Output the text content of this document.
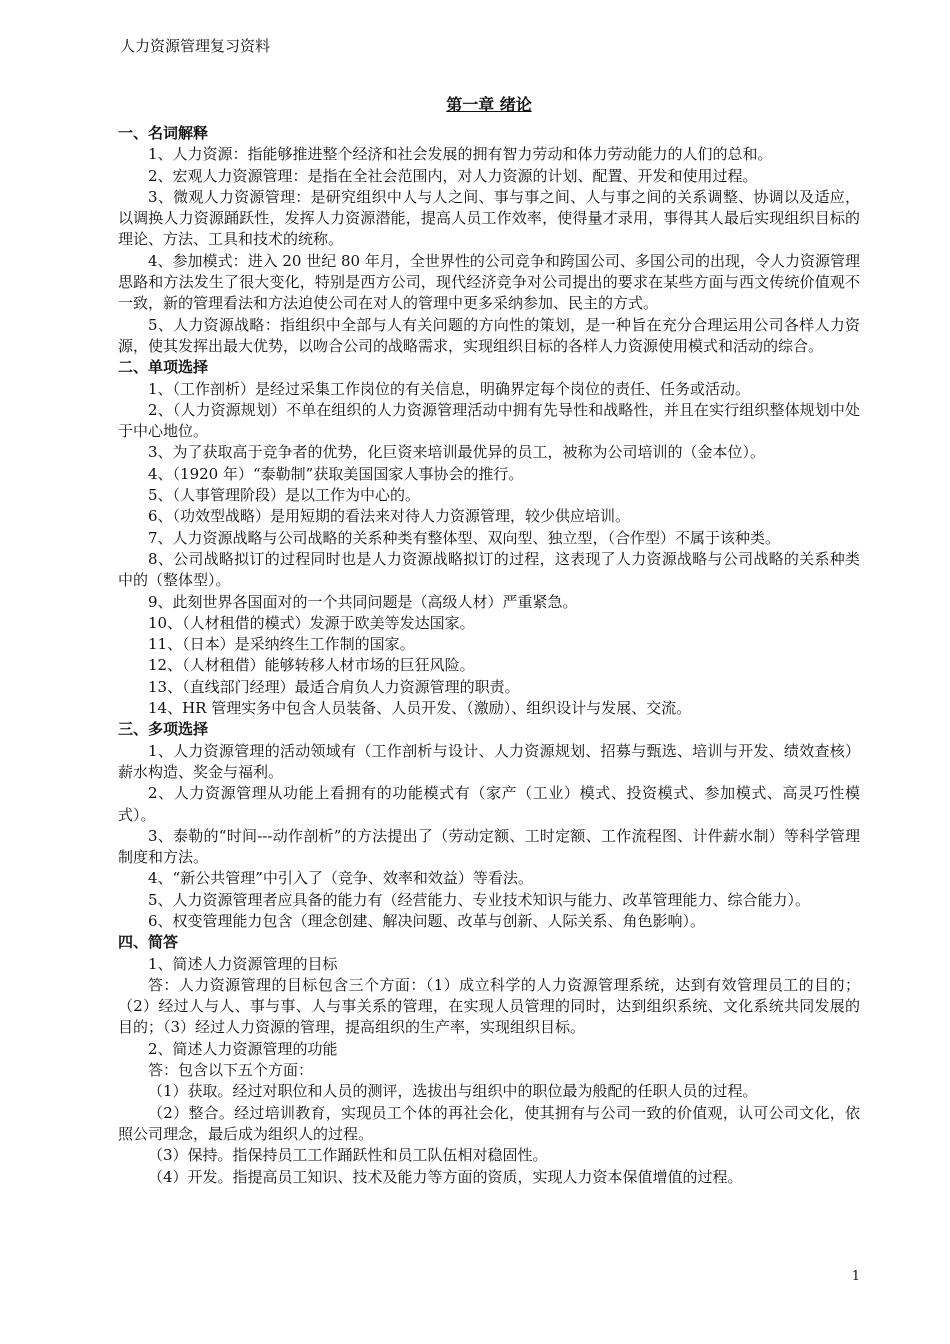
人力资源管理复习资料
第一章 绪论
一、名词解释
1、人力资源：指能够推进整个经济和社会发展的拥有智力劳动和体力劳动能力的人们的总和。
2、宏观人力资源管理：是指在全社会范围内，对人力资源的计划、配置、开发和使用过程。
3、微观人力资源管理：是研究组织中人与人之间、事与事之间、人与事之间的关系调整、协调以及适应，以调换人力资源踊跃性，发挥人力资源潜能，提高人员工作效率，使得量才录用，事得其人最后实现组织目标的理论、方法、工具和技术的统称。
4、参加模式：进入 20 世纪 80 年月，全世界性的公司竞争和跨国公司、多国公司的出现，令人力资源管理思路和方法发生了很大变化，特别是西方公司，现代经济竞争对公司提出的要求在某些方面与西文传统价值观不一致，新的管理看法和方法迫使公司在对人的管理中更多采纳参加、民主的方式。
5、人力资源战略：指组织中全部与人有关问题的方向性的策划，是一种旨在充分合理运用公司各样人力资源，使其发挥出最大优势，以吻合公司的战略需求，实现组织目标的各样人力资源使用模式和活动的综合。
二、单项选择
1、（工作剖析）是经过采集工作岗位的有关信息，明确界定每个岗位的责任、任务或活动。
2、（人力资源规划）不单在组织的人力资源管理活动中拥有先导性和战略性，并且在实行组织整体规划中处于中心地位。
3、为了获取高于竞争者的优势，化巨资来培训最优异的员工，被称为公司培训的（金本位）。
4、（1920 年）“泰勒制”获取美国国家人事协会的推行。
5、（人事管理阶段）是以工作为中心的。
6、（功效型战略）是用短期的看法来对待人力资源管理，较少供应培训。
7、人力资源战略与公司战略的关系种类有整体型、双向型、独立型，（合作型）不属于该种类。
8、公司战略拟订的过程同时也是人力资源战略拟订的过程，这表现了人力资源战略与公司战略的关系种类中的（整体型）。
9、此刻世界各国面对的一个共同问题是（高级人材）严重紧急。
10、（人材租借的模式）发源于欧美等发达国家。
11、（日本）是采纳终生工作制的国家。
12、（人材租借）能够转移人材市场的巨狂风险。
13、（直线部门经理）最适合肩负人力资源管理的职责。
14、HR 管理实务中包含人员装备、人员开发、（激励）、组织设计与发展、交流。
三、多项选择
1、人力资源管理的活动领域有（工作剖析与设计、人力资源规划、招募与甄选、培训与开发、绩效查核）薪水构造、奖金与福利。
2、人力资源管理从功能上看拥有的功能模式有（家产（工业）模式、投资模式、参加模式、高灵巧性模式）。
3、泰勒的“时间---动作剖析”的方法提出了（劳动定额、工时定额、工作流程图、计件薪水制）等科学管理制度和方法。
4、“新公共管理”中引入了（竞争、效率和效益）等看法。
5、人力资源管理者应具备的能力有（经营能力、专业技术知识与能力、改革管理能力、综合能力）。
6、权变管理能力包含（理念创建、解决问题、改革与创新、人际关系、角色影响）。
四、简答
1、简述人力资源管理的目标
答：人力资源管理的目标包含三个方面：（1）成立科学的人力资源管理系统，达到有效管理员工的目的；（2）经过人与人、事与事、人与事关系的管理，在实现人员管理的同时，达到组织系统、文化系统共同发展的目的；（3）经过人力资源的管理，提高组织的生产率，实现组织目标。
2、简述人力资源管理的功能
答：包含以下五个方面：
（1）获取。经过对职位和人员的测评，选拔出与组织中的职位最为般配的任职人员的过程。
（2）整合。经过培训教育，实现员工个体的再社会化，使其拥有与公司一致的价值观，认可公司文化，依照公司理念，最后成为组织人的过程。
（3）保持。指保持员工工作踊跃性和员工队伍相对稳固性。
（4）开发。指提高员工知识、技术及能力等方面的资质，实现人力资本保值增值的过程。
1
